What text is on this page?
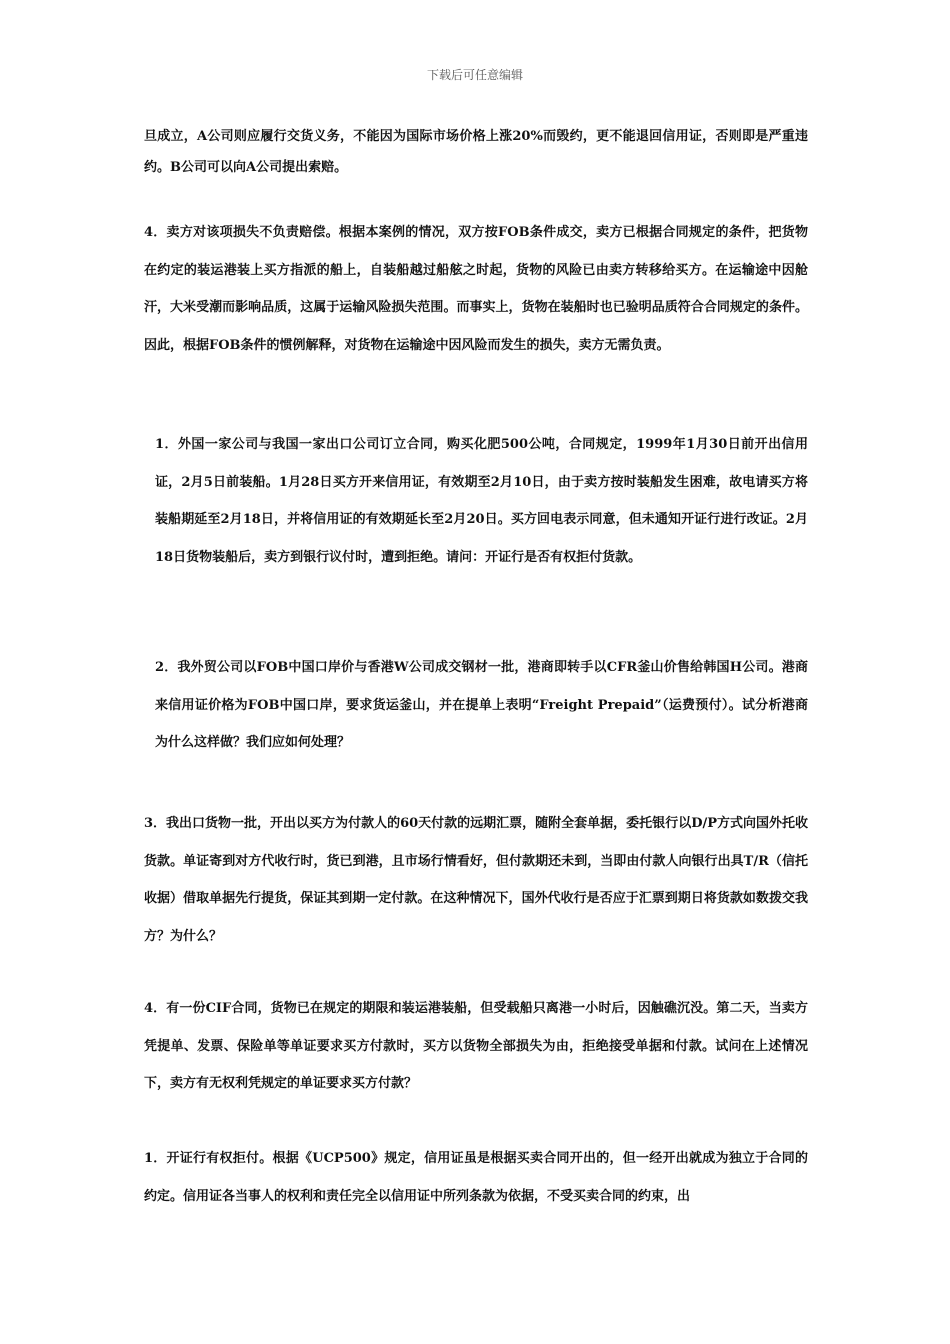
下载后可任意编辑
旦成立，A公司则应履行交货义务，不能因为国际市场价格上涨20%而毁约，更不能退回信用证，否则即是严重违约。B公司可以向A公司提出索赔。
4．卖方对该项损失不负责赔偿。根据本案例的情况，双方按FOB条件成交，卖方已根据合同规定的条件，把货物在约定的装运港装上买方指派的船上，自装船越过船舷之时起，货物的风险已由卖方转移给买方。在运输途中因舱汗，大米受潮而影响品质，这属于运输风险损失范围。而事实上，货物在装船时也已验明品质符合合同规定的条件。因此，根据FOB条件的惯例解释，对货物在运输途中因风险而发生的损失，卖方无需负责。
1．外国一家公司与我国一家出口公司订立合同，购买化肥500公吨，合同规定，1999年1月30日前开出信用证，2月5日前装船。1月28日买方开来信用证，有效期至2月10日，由于卖方按时装船发生困难，故电请买方将装船期延至2月18日，并将信用证的有效期延长至2月20日。买方回电表示同意，但未通知开证行进行改证。2月18日货物装船后，卖方到银行议付时，遭到拒绝。请问：开证行是否有权拒付货款。
2．我外贸公司以FOB中国口岸价与香港W公司成交钢材一批，港商即转手以CFR釜山价售给韩国H公司。港商来信用证价格为FOB中国口岸，要求货运釜山，并在提单上表明“Freight Prepaid”（运费预付）。试分析港商为什么这样做？我们应如何处理？
3．我出口货物一批，开出以买方为付款人的60天付款的远期汇票，随附全套单据，委托银行以D/P方式向国外托收货款。单证寄到对方代收行时，货已到港，且市场行情看好，但付款期还未到，当即由付款人向银行出具T/R（信托收据）借取单据先行提货，保证其到期一定付款。在这种情况下，国外代收行是否应于汇票到期日将货款如数拨交我方？为什么？
4．有一份CIF合同，货物已在规定的期限和装运港装船，但受载船只离港一小时后，因触礁沉没。第二天，当卖方凭提单、发票、保险单等单证要求买方付款时，买方以货物全部损失为由，拒绝接受单据和付款。试问在上述情况下，卖方有无权利凭规定的单证要求买方付款？
1．开证行有权拒付。根据《UCP500》规定，信用证虽是根据买卖合同开出的，但一经开出就成为独立于合同的约定。信用证各当事人的权利和责任完全以信用证中所列条款为依据，不受买卖合同的约束，出
